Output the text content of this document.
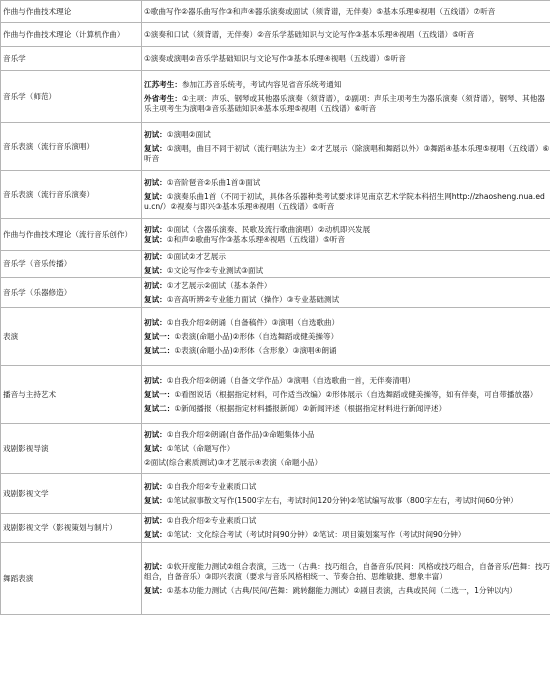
作曲与作曲技术理论	①歌曲写作②器乐曲写作③和声④器乐演奏或面试（须背谱，无伴奏）⑤基本乐理⑥视唱（五线谱）⑦听音

作曲与作曲技术理论（计算机作曲）	①演奏和口试（须背谱，无伴奏）②音乐学基础知识与文论写作③基本乐理④视唱（五线谱）⑤听音

音乐学	①演奏或演唱②音乐学基础知识与文论写作③基本乐理④视唱（五线谱）⑤听音

音乐学（师范）	江苏考生：参加江苏音乐统考，考试内容见省音乐统考通知
外省考生：①主项：声乐、钢琴或其他器乐演奏（须背谱），②副项：声乐主项考生为器乐演奏（须背谱），钢琴、其他器乐主项考生为演唱③音乐基础知识④基本乐理⑤视唱（五线谱）⑥听音

音乐表演（流行音乐演唱）	初试：①演唱②面试
复试：①演唱，曲目不同于初试（流行唱法为主）②才艺展示（除演唱和舞蹈以外）③舞蹈④基本乐理⑤视唱（五线谱）⑥听音

音乐表演（流行音乐演奏）	初试：①音阶琶音②乐曲1首③面试
复试：①演奏乐曲1首（不同于初试，具体各乐器种类考试要求详见南京艺术学院本科招生网http://zhaosheng.nua.edu.cn/）②视奏与即兴③基本乐理④视唱（五线谱）⑤听音

作曲与作曲技术理论（流行音乐创作）	初试：①面试（含器乐演奏、民歌及流行歌曲演唱）②动机即兴发展
复试：①和声②歌曲写作③基本乐理④视唱（五线谱）⑤听音

音乐学（音乐传播）	初试：①面试②才艺展示
复试：①文论写作②专业测试③面试

音乐学（乐器修造）	初试：①才艺展示②面试（基本条件）
复试：①音高听辨②专业能力面试（操作）③专业基础测试

表演	初试：①自我介绍②朗诵（自备稿件）③演唱（自选歌曲）
复试一：①表演(命题小品)②形体（自选舞蹈或健美操等）
复试二：①表演(命题小品)②形体（含形象）③演唱④朗诵

播音与主持艺术	初试：①自我介绍②朗诵（自备文学作品）③演唱（自选歌曲一首，无伴奏清唱）
复试一：①看图说话（根据指定材料，可作适当改编）②形体展示（自选舞蹈或健美操等，如有伴奏，可自带播放器）
复试二：①新闻播报（根据指定材料播报新闻）②新闻评述（根据指定材料进行新闻评述）

戏剧影视导演	初试：①自我介绍②朗诵(自备作品)③命题集体小品
复试：①笔试（命题写作）
②面试(综合素质测试)③才艺展示④表演（命题小品）

戏剧影视文学	初试：①自我介绍②专业素质口试
复试：①笔试叙事散文写作(1500字左右，考试时间120分钟)②笔试编写故事（800字左右，考试时间60分钟）

戏剧影视文学（影视策划与制片）	初试：①自我介绍②专业素质口试
复试：①笔试：文化综合考试（考试时间90分钟）②笔试：项目策划案写作（考试时间90分钟）

舞蹈表演	初试：①软开度能力测试②组合表演，三选一（古典：技巧组合，自备音乐/民间：风格或技巧组合，自备音乐/芭舞：技巧组合，自备音乐）③即兴表演（要求与音乐风格相统一、节奏合拍、思维敏捷、想象丰富）
复试：①基本功能力测试（古典/民间/芭舞：跳转翻能力测试）②剧目表演，古典或民间（二选一，1分钟以内）
